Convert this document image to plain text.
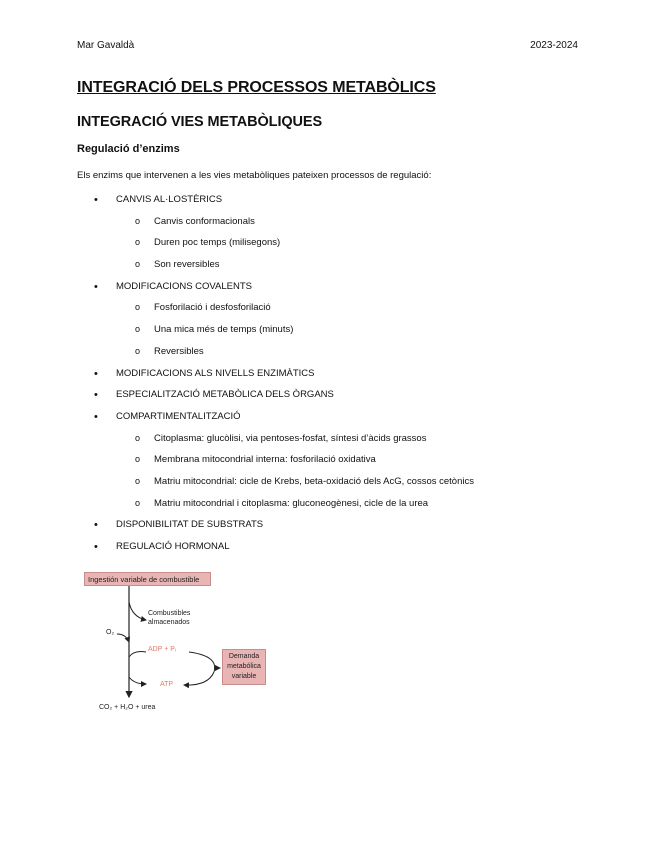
Mar Gavaldà	2023-2024
INTEGRACIÓ DELS PROCESSOS METABÒLICS
INTEGRACIÓ VIES METABÒLIQUES
Regulació d’enzims
Els enzims que intervenen a les vies metabòliques pateixen processos de regulació:
• CANVIS AL·LOSTÈRICS
o Canvis conformacionals
o Duren poc temps (milisegons)
o Son reversibles
• MODIFICACIONS COVALENTS
o Fosforilació i desfosforilació
o Una mica més de temps (minuts)
o Reversibles
• MODIFICACIONS ALS NIVELLS ENZIMÀTICS
• ESPECIALITZACIÓ METABÒLICA DELS ÒRGANS
• COMPARTIMENTALITZACIÓ
o Citoplasma: glucòlisi, via pentoses-fosfat, síntesi d’àcids grassos
o Membrana mitocondrial interna: fosforilació oxidativa
o Matriu mitocondrial: cicle de Krebs, beta-oxidació dels AcG, cossos cetònics
o Matriu mitocondrial i citoplasma: gluconeogènesi, cicle de la urea
• DISPONIBILITAT DE SUBSTRATS
• REGULACIÓ HORMONAL
Ingestión variable de combustible
Combustibles
almacenados
O₂
ADP + Pᵢ
ATP
Demanda
metabólica
variable
CO₂ + H₂O + urea
